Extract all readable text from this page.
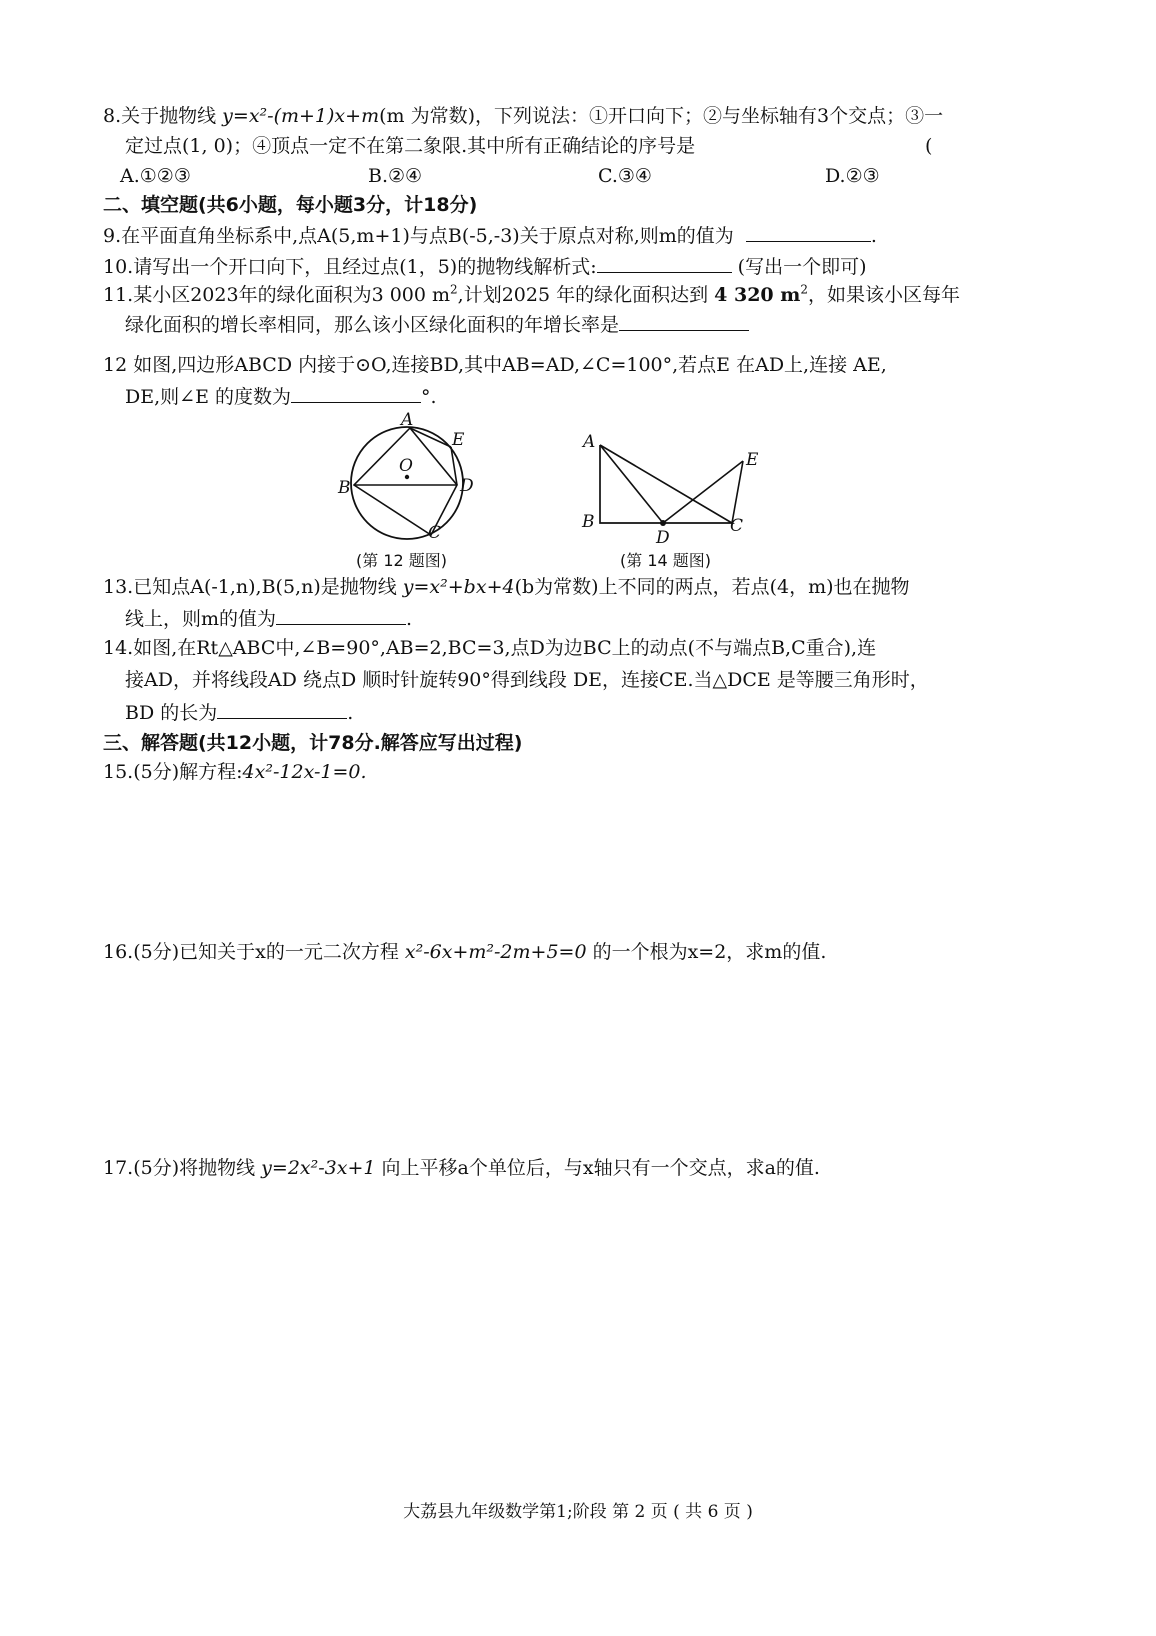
8.关于抛物线 y=x²-(m+1)x+m(m 为常数)，下列说法：①开口向下；②与坐标轴有3个交点；③一
定过点(1, 0)；④顶点一定不在第二象限.其中所有正确结论的序号是	(
A.①②③	B.②④	C.③④	D.②③
二、填空题(共6小题，每小题3分，计18分)
9.在平面直角坐标系中,点A(5,m+1)与点B(-5,-3)关于原点对称,则m的值为	.
10.请写出一个开口向下，且经过点(1，5)的抛物线解析式:	(写出一个即可)
11.某小区2023年的绿化面积为3 000 $m^2$,计划2025 年的绿化面积达到 4 320 $m^2$，如果该小区每年
绿化面积的增长率相同，那么该小区绿化面积的年增长率是
12 如图,四边形ABCD 内接于⊙O,连接BD,其中AB=AD,∠C=100°,若点E 在AD上,连接 AE,
DE,则∠E 的度数为	°.
A
E
O
B	D
C
(第 12 题图)
A
B
D
C
E
(第 14 题图)
13.已知点A(-1,n),B(5,n)是抛物线 y=x²+bx+4(b为常数)上不同的两点，若点(4，m)也在抛物
线上，则m的值为	.
14.如图,在Rt△ABC中,∠B=90°,AB=2,BC=3,点D为边BC上的动点(不与端点B,C重合),连
接AD，并将线段AD 绕点D 顺时针旋转90°得到线段 DE，连接CE.当△DCE 是等腰三角形时，
BD 的长为	.
三、解答题(共12小题，计78分.解答应写出过程)
15.(5分)解方程:4x²-12x-1=0.
16.(5分)已知关于x的一元二次方程 x²-6x+m²-2m+5=0 的一个根为x=2，求m的值.
17.(5分)将抛物线 y=2x²-3x+1 向上平移a个单位后，与x轴只有一个交点，求a的值.
大荔县九年级数学第1;阶段 第 2 页 ( 共 6 页 )
